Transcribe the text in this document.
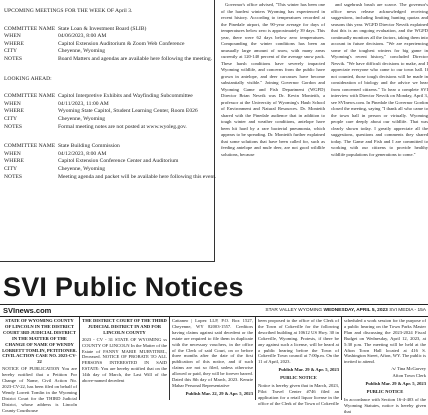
UPCOMING MEETINGS FOR THE WEEK OF April 3.
COMMITTEE NAME State Loan & Investment Board (SLIB)
WHEN	04/06/2023, 8:00 AM
WHERE	Capitol Extension Auditorium & Zoom Web Conference
CITY	Cheyenne, Wyoming
NOTES	Board Matters and agendas are available here following the meeting.
LOOKING AHEAD:
COMMITTEE NAME Capitol Interpretive Exhibits and Wayfinding Subcommittee
WHEN	04/11/2023, 11:00 AM
WHERE	Wyoming State Capitol, Student Learning Center, Room E026
CITY	Cheyenne, Wyoming
NOTES	Formal meeting notes are not posted at www.wyoleg.gov.
COMMITTEE NAME State Building Commission
WHEN	04/12/2023, 8:00 AM
WHERE	Capitol Extension Conference Center and Auditorium
CITY	Cheyenne, Wyoming
NOTES	Meeting agenda and packet will be available here following this event.

Governor's office advised, "This winter has been one of the hardest winters Wyoming has experienced in recent history. According to temperatures recorded at the Pinedale airport, the 90-year average for days of temperatures below zero is approximately 39 days. This year, there were 62 days below zero temperatures. Compounding the winter conditions has been an unusually large amount of snow, with many areas currently at 120-140 percent of the average snow pack. These harsh conditions have severely impacted Wyoming wildlife, and concerns from the public have grown in antelope, and deer carcasses have become substantially visible." Joining Governor Gordon and Wyoming Game and Fish Department (WGFD) Director Brian Nesvik was Dr. Kevin Monteith, a professor at the University of Wyoming's Haub School of Environment and Natural Resources. Dr. Monteith shared with the Pinedale audience that in addition to tough winter and weather conditions, antelope have been hit hard by a rare bacterial pneumonia, which appears to be spreading. Dr. Monteith further explained that some solutions that have been called for, such as feeding antelope and mule deer, are not good wildlife solutions, because

and sagebrush brush are scarce. The governor's office news release acknowledged receiving suggestions, including limiting hunting quotas and seasons this year. WGFD Director Nesvik explained that this is an ongoing evaluation, and the WGFD continually monitors all the factors, taking them into account in future decisions. "We are experiencing some of the toughest winters for big game in Wyoming's recent history," concluded Director Nesvik. "We have difficult decisions to make, and I appreciate everyone who came to our town hall. If not counted, those tough decisions will be made in consideration of biology and the advice we hear from concerned citizens." To hear a complete SVI interview with Director Nesvik on Monday, April 3, see SVInews.com. In Pinedale the Governor Gordon closed the meeting, saying "I thank all who came to the town hall in person or virtually. Wyoming people care deeply about our wildlife. That was clearly shown today. I greatly appreciate all the suggestions, questions and comments they shared today. The Game and Fish and I are committed to working with our citizens to provide healthy wildlife populations for generations to come."

SVI Public Notices
SVInews.com	STAR VALLEY WYOMING WEDNESDAY, APRIL 5, 2023 SVI MEDIA - 15A

STATE OF WYOMING COUNTY OF LINCOLN IN THE DISTRICT COURT 3RD JUDICIAL DISTRICT IN THE MATTER OF THE CHANGE OF NAME OF WENDY LORRETT TOMLIN, PETITIONER. CIVIL ACTION CASE NO. 2023-CV-22

NOTICE OF PUBLICATION You are hereby notified that a Petition For Change of Name, Civil Action No. 2023-CV-22, has been filed on behalf of Wendy Lorrett Tomlin in the Wyoming District Court for the THIRD Judicial District, whose address is Lincoln County Courthouse

THE DISTRICT COURT OF THE THIRD JUDICIAL DISTRICT IN AND FOR LINCOLN COUNTY

2023 - CV - 31 STATE OF WYOMING ss COUNTY OF LINCOLN In the Matter of the Estate of FANNY MARIE MURVITREL, Deceased. NOTICE OF PROBATE TO ALL PERSONS INTERESTED IN SAID ESTATE: You are hereby notified that on the 14th day of March, the Last Will of the above-named decedent

Cattaneo | Lopez LLP, P.O. Box 1527, Cheyenne, WY 82003-1557. Creditors having claims against said decedent or the estate are required to file them in duplicate with the necessary vouchers, in the office of the Clerk of said Court, on or before three months after the date of the first publication of this notice, and if such claims are not so filed, unless otherwise allowed or paid, they will be forever barred. Dated this 8th day of March, 2023. Kenzie Mahar Personal Representative

Publish Mar. 22, 29 & Apr. 5, 2023

been proposed to the office of the Clerk of the Town of Cokeville for the following described building at 10612 US Hwy. 30 in Cokeville, Wyoming. Protests, if there be any against such a license, will be heard at a public hearing before the Town of Cokeville Town council at 7:00p.m. On the 11 of April, 2023.

Publish Mar. 29 & Apr. 5, 2023

PUBLIC NOTICE

Notice is hereby given that in March, 2023, Pilot Travel Center #746 filed an application for a retail liquor license in the office of the Clerk of the Town of Cokeville

scheduled a work session for the purpose of a public hearing on the Town Parks Master Plan and discussing the 2023-2024 Fiscal Budget on Wednesday, April 12, 2023, at 5:30 p.m. The meeting will be held at the Afton Town Hall located at 416 S. Washington Street, Afton, WY. The public is invited to attend.

/s/ Tina McGarvey

Afton Town Clerk

Publish Mar. 29 & Apr. 5, 2023

PUBLIC NOTICE

In accordance with Section 16-4-403 of the Wyoming Statutes, notice is hereby given that
